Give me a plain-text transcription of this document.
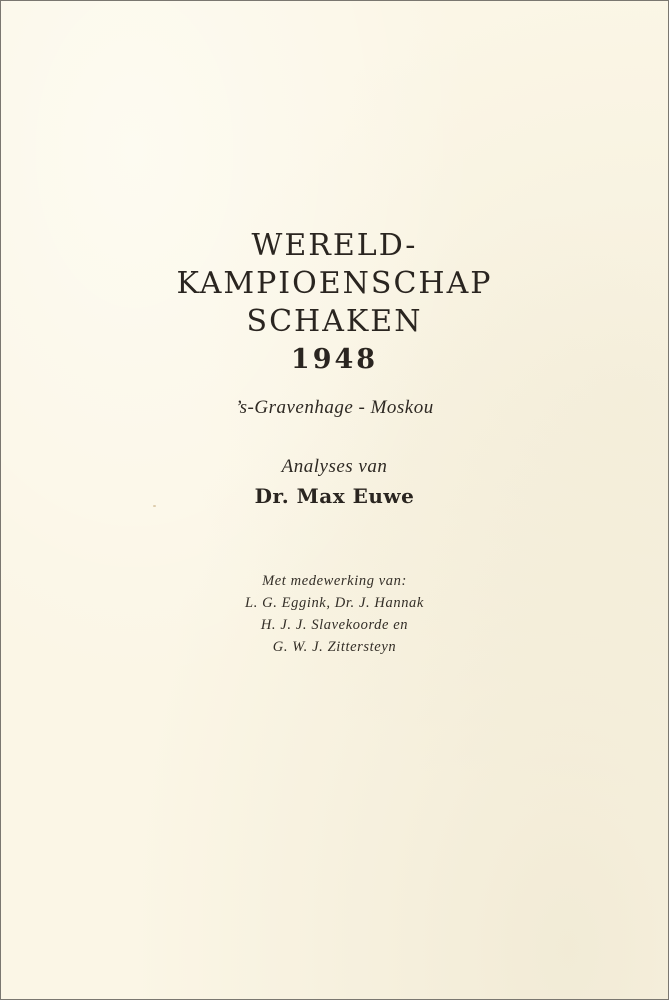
WERELD-
KAMPIOENSCHAP
SCHAKEN
1948
’s-Gravenhage - Moskou
Analyses van
Dr. Max Euwe
Met medewerking van:
L. G. Eggink, Dr. J. Hannak
H. J. J. Slavekoorde en
G. W. J. Zittersteyn
